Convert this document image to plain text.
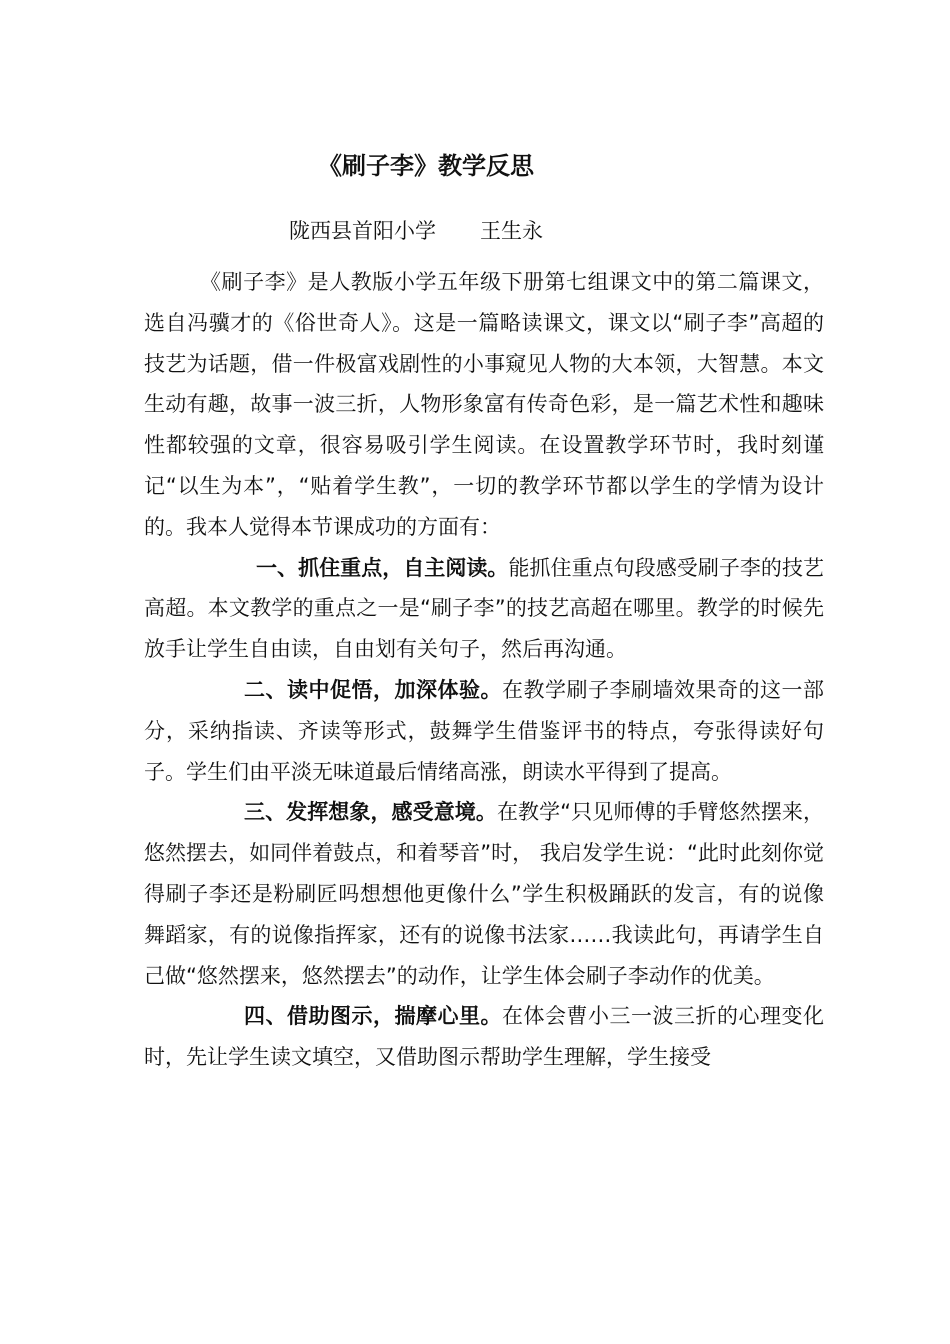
《刷子李》教学反思
陇西县首阳小学 王生永

《刷子李》是人教版小学五年级下册第七组课文中的第二篇课文，选自冯骥才的《俗世奇人》。这是一篇略读课文，课文以“刷子李”高超的技艺为话题，借一件极富戏剧性的小事窥见人物的大本领，大智慧。本文生动有趣，故事一波三折，人物形象富有传奇色彩，是一篇艺术性和趣味性都较强的文章，很容易吸引学生阅读。在设置教学环节时，我时刻谨记“以生为本”，“贴着学生教”，一切的教学环节都以学生的学情为设计的。我本人觉得本节课成功的方面有：

一、抓住重点，自主阅读。能抓住重点句段感受刷子李的技艺高超。本文教学的重点之一是“刷子李”的技艺高超在哪里。教学的时候先放手让学生自由读，自由划有关句子，然后再沟通。

二、读中促悟，加深体验。在教学刷子李刷墙效果奇的这一部分，采纳指读、齐读等形式，鼓舞学生借鉴评书的特点，夸张得读好句子。学生们由平淡无味道最后情绪高涨，朗读水平得到了提高。

三、发挥想象，感受意境。在教学“只见师傅的手臂悠然摆来，悠然摆去，如同伴着鼓点，和着琴音”时， 我启发学生说：“此时此刻你觉得刷子李还是粉刷匠吗想想他更像什么”学生积极踊跃的发言，有的说像舞蹈家，有的说像指挥家，还有的说像书法家……我读此句，再请学生自己做“悠然摆来，悠然摆去”的动作，让学生体会刷子李动作的优美。

四、借助图示，揣摩心里。在体会曹小三一波三折的心理变化时，先让学生读文填空，又借助图示帮助学生理解，学生接受
